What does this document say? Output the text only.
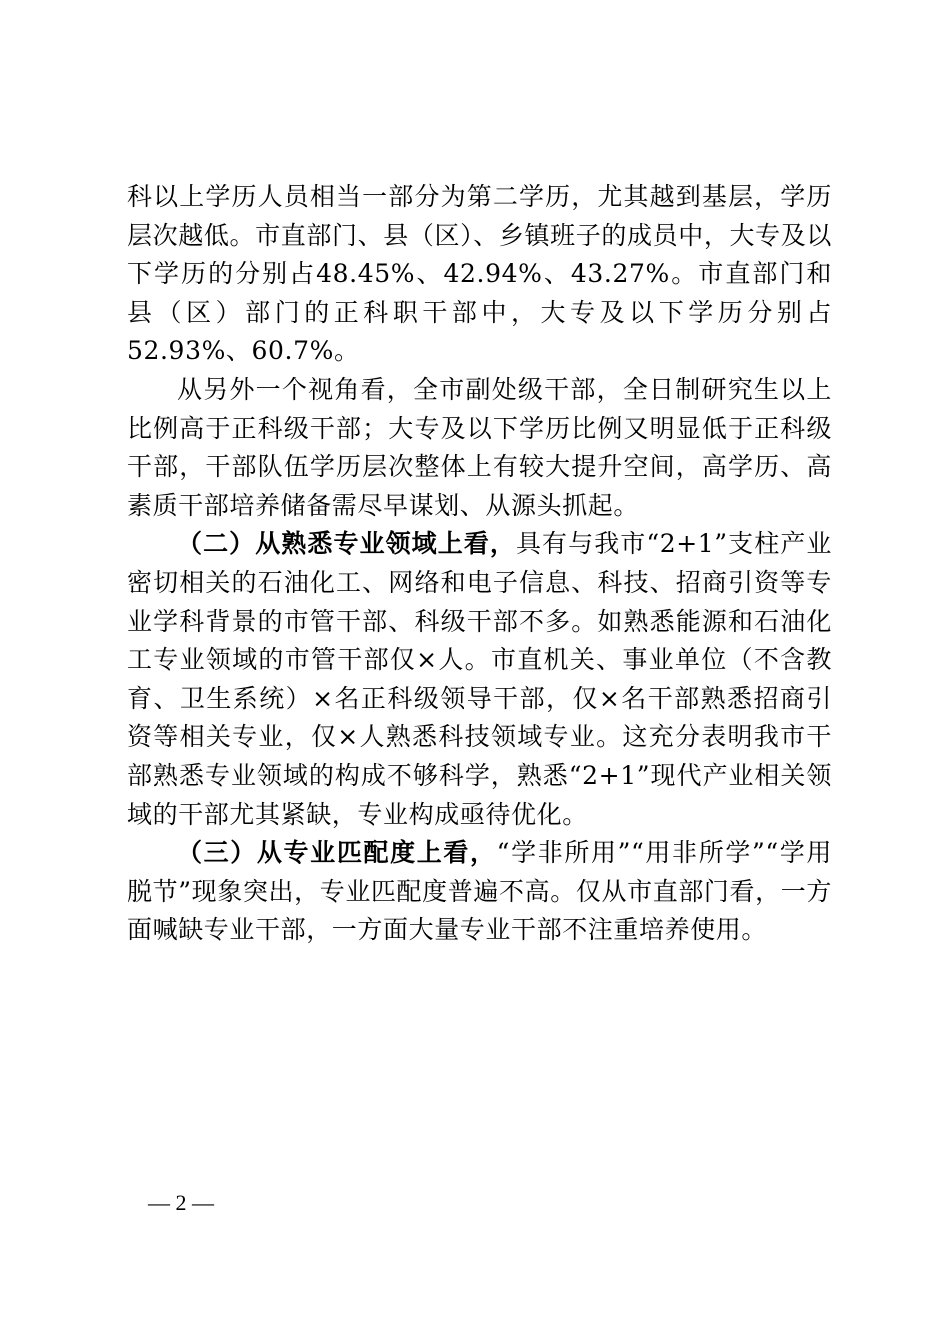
科以上学历人员相当一部分为第二学历，尤其越到基层，学历层次越低。市直部门、县（区）、乡镇班子的成员中，大专及以下学历的分别占48.45%、42.94%、43.27%。市直部门和县（区）部门的正科职干部中，大专及以下学历分别占52.93%、60.7%。

从另外一个视角看，全市副处级干部，全日制研究生以上比例高于正科级干部；大专及以下学历比例又明显低于正科级干部，干部队伍学历层次整体上有较大提升空间，高学历、高素质干部培养储备需尽早谋划、从源头抓起。

（二）从熟悉专业领域上看，具有与我市“2+1”支柱产业密切相关的石油化工、网络和电子信息、科技、招商引资等专业学科背景的市管干部、科级干部不多。如熟悉能源和石油化工专业领域的市管干部仅×人。市直机关、事业单位（不含教育、卫生系统）×名正科级领导干部，仅×名干部熟悉招商引资等相关专业，仅×人熟悉科技领域专业。这充分表明我市干部熟悉专业领域的构成不够科学，熟悉“2+1”现代产业相关领域的干部尤其紧缺，专业构成亟待优化。

（三）从专业匹配度上看，“学非所用”“用非所学”“学用脱节”现象突出，专业匹配度普遍不高。仅从市直部门看，一方面喊缺专业干部，一方面大量专业干部不注重培养使用。

— 2 —
